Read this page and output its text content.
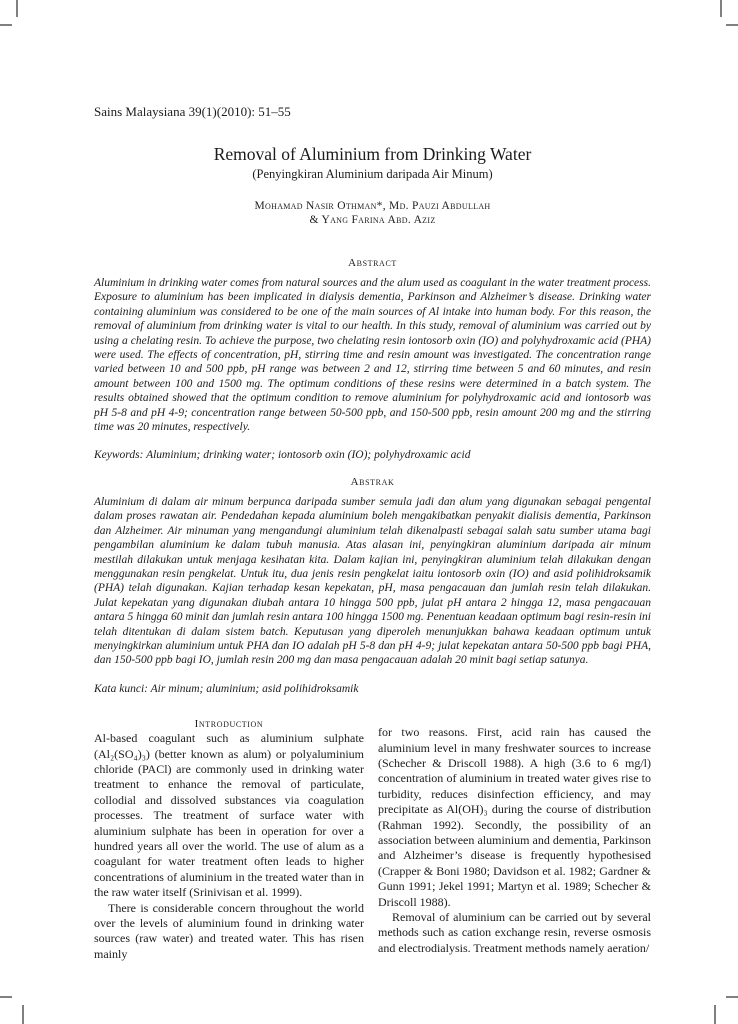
Sains Malaysiana 39(1)(2010): 51–55
Removal of Aluminium from Drinking Water
(Penyingkiran Aluminium daripada Air Minum)
Mohamad Nasir Othman*, Md. Pauzi Abdullah
& Yang Farina Abd. Aziz
Abstract
Aluminium in drinking water comes from natural sources and the alum used as coagulant in the water treatment process. Exposure to aluminium has been implicated in dialysis dementia, Parkinson and Alzheimer’s disease. Drinking water containing aluminium was considered to be one of the main sources of Al intake into human body. For this reason, the removal of aluminium from drinking water is vital to our health. In this study, removal of aluminium was carried out by using a chelating resin. To achieve the purpose, two chelating resin iontosorb oxin (IO) and polyhydroxamic acid (PHA) were used. The effects of concentration, pH, stirring time and resin amount was investigated. The concentration range varied between 10 and 500 ppb, pH range was between 2 and 12, stirring time between 5 and 60 minutes, and resin amount between 100 and 1500 mg. The optimum conditions of these resins were determined in a batch system. The results obtained showed that the optimum condition to remove aluminium for polyhydroxamic acid and iontosorb was pH 5-8 and pH 4-9; concentration range between 50-500 ppb, and 150-500 ppb, resin amount 200 mg and the stirring time was 20 minutes, respectively.
Keywords: Aluminium; drinking water; iontosorb oxin (IO); polyhydroxamic acid
Abstrak
Aluminium di dalam air minum berpunca daripada sumber semula jadi dan alum yang digunakan sebagai pengental dalam proses rawatan air. Pendedahan kepada aluminium boleh mengakibatkan penyakit dialisis dementia, Parkinson dan Alzheimer. Air minuman yang mengandungi aluminium telah dikenalpasti sebagai salah satu sumber utama bagi pengambilan aluminium ke dalam tubuh manusia. Atas alasan ini, penyingkiran aluminium daripada air minum mestilah dilakukan untuk menjaga kesihatan kita. Dalam kajian ini, penyingkiran aluminium telah dilakukan dengan menggunakan resin pengkelat. Untuk itu, dua jenis resin pengkelat iaitu iontosorb oxin (IO) and asid polihidroksamik (PHA) telah digunakan. Kajian terhadap kesan kepekatan, pH, masa pengacauan dan jumlah resin telah dilakukan. Julat kepekatan yang digunakan diubah antara 10 hingga 500 ppb, julat pH antara 2 hingga 12, masa pengacauan antara 5 hingga 60 minit dan jumlah resin antara 100 hingga 1500 mg. Penentuan keadaan optimum bagi resin-resin ini telah ditentukan di dalam sistem batch. Keputusan yang diperoleh menunjukkan bahawa keadaan optimum untuk menyingkirkan aluminium untuk PHA dan IO adalah pH 5-8 dan pH 4-9; julat kepekatan antara 50-500 ppb bagi PHA, dan 150-500 ppb bagi IO, jumlah resin 200 mg dan masa pengacauan adalah 20 minit bagi setiap satunya.
Kata kunci: Air minum; aluminium; asid polihidroksamik
Introduction
Al-based coagulant such as aluminium sulphate (Al₂(SO₄)₃) (better known as alum) or polyaluminium chloride (PACl) are commonly used in drinking water treatment to enhance the removal of particulate, collodial and dissolved substances via coagulation processes. The treatment of surface water with aluminium sulphate has been in operation for over a hundred years all over the world. The use of alum as a coagulant for water treatment often leads to higher concentrations of aluminium in the treated water than in the raw water itself (Srinivisan et al. 1999).
There is considerable concern throughout the world over the levels of aluminium found in drinking water sources (raw water) and treated water. This has risen mainly
for two reasons. First, acid rain has caused the aluminium level in many freshwater sources to increase (Schecher & Driscoll 1988). A high (3.6 to 6 mg/l) concentration of aluminium in treated water gives rise to turbidity, reduces disinfection efficiency, and may precipitate as Al(OH)₃ during the course of distribution (Rahman 1992). Secondly, the possibility of an association between aluminium and dementia, Parkinson and Alzheimer’s disease is frequently hypothesised (Crapper & Boni 1980; Davidson et al. 1982; Gardner & Gunn 1991; Jekel 1991; Martyn et al. 1989; Schecher & Driscoll 1988).
Removal of aluminium can be carried out by several methods such as cation exchange resin, reverse osmosis and electrodialysis. Treatment methods namely aeration/
